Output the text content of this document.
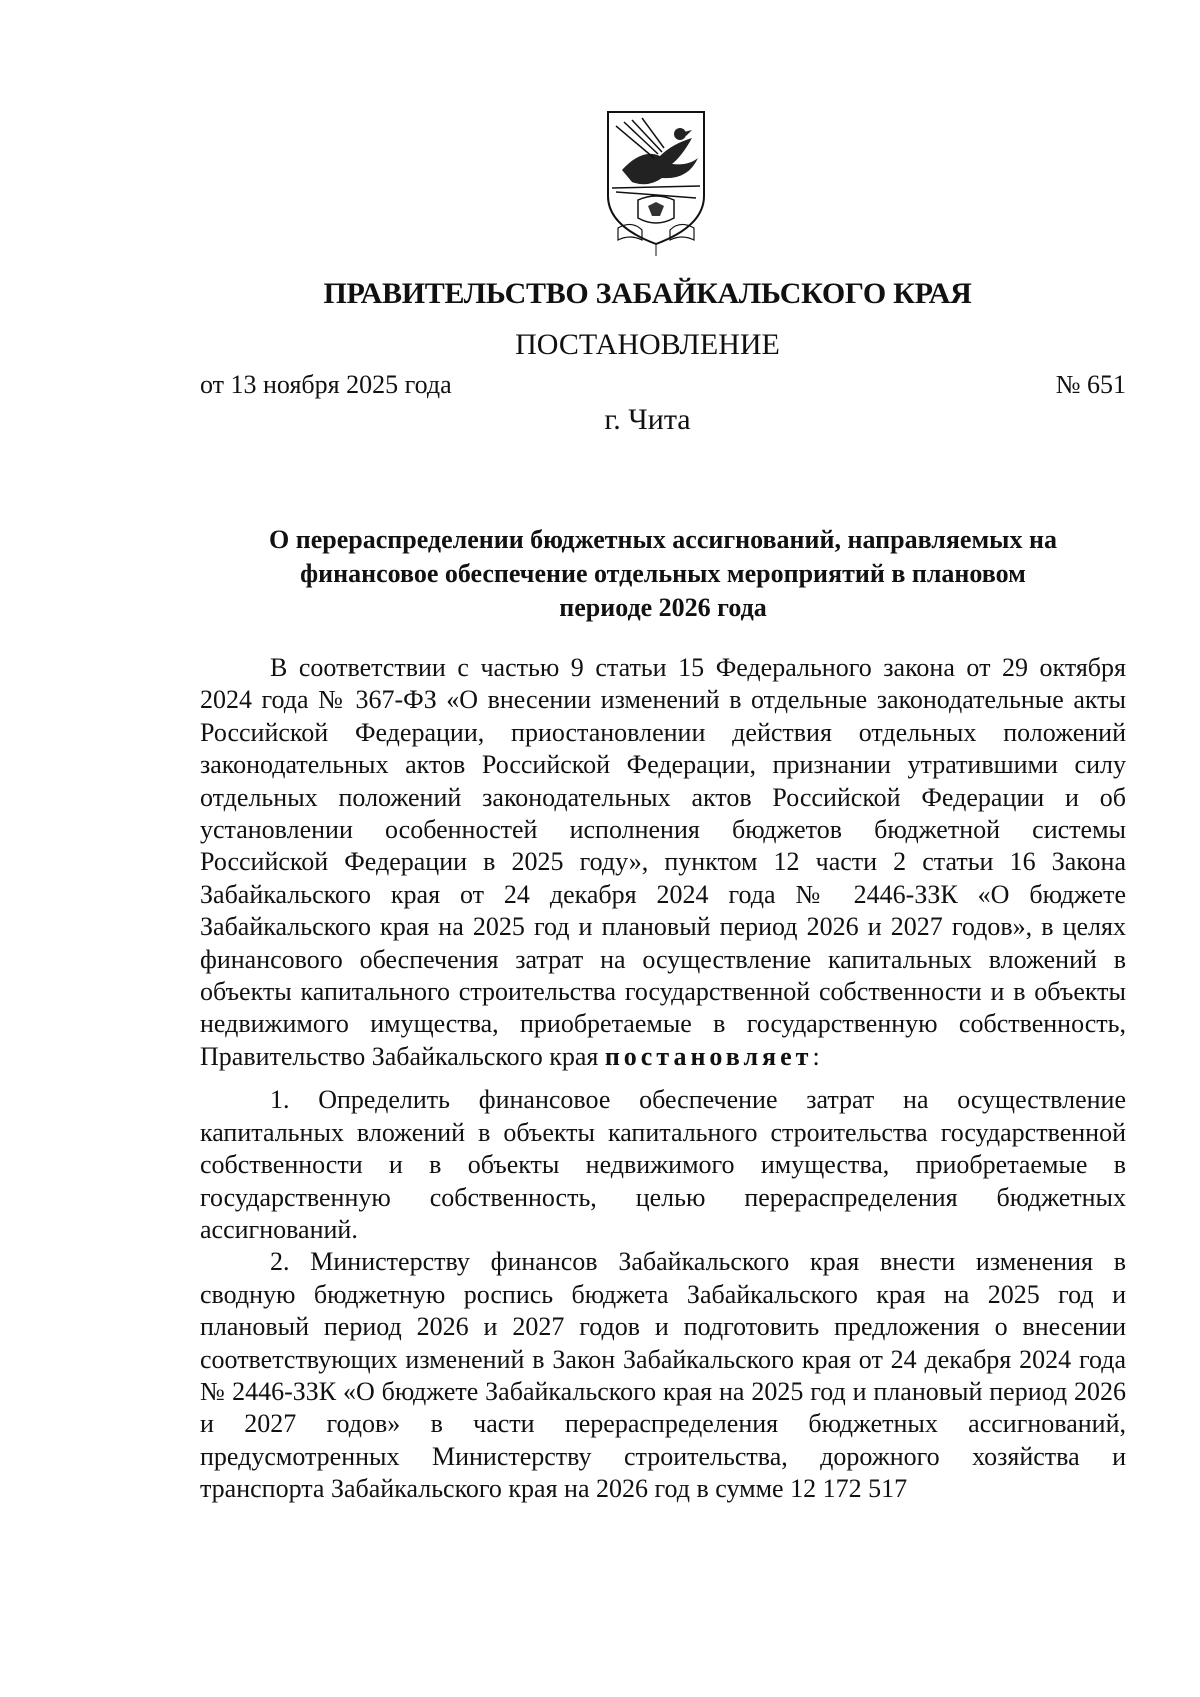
ПРАВИТЕЛЬСТВО ЗАБАЙКАЛЬСКОГО КРАЯ
ПОСТАНОВЛЕНИЕ
от 13 ноября 2025 года	№ 651
г. Чита
О перераспределении бюджетных ассигнований, направляемых на
финансовое обеспечение отдельных мероприятий в плановом
периоде 2026 года

В соответствии с частью 9 статьи 15 Федерального закона от 29 октября 2024 года № 367-ФЗ «О внесении изменений в отдельные законодательные акты Российской Федерации, приостановлении действия отдельных положений законодательных актов Российской Федерации, признании утратившими силу отдельных положений законодательных актов Российской Федерации и об установлении особенностей исполнения бюджетов бюджетной системы Российской Федерации в 2025 году», пунктом 12 части 2 статьи 16 Закона Забайкальского края от 24 декабря 2024 года № 2446-ЗЗК «О бюджете Забайкальского края на 2025 год и плановый период 2026 и 2027 годов», в целях финансового обеспечения затрат на осуществление капитальных вложений в объекты капитального строительства государственной собственности и в объекты недвижимого имущества, приобретаемые в государственную собственность, Правительство Забайкальского края постановляет:

1. Определить финансовое обеспечение затрат на осуществление капитальных вложений в объекты капитального строительства государственной собственности и в объекты недвижимого имущества, приобретаемые в государственную собственность, целью перераспределения бюджетных ассигнований.

2. Министерству финансов Забайкальского края внести изменения в сводную бюджетную роспись бюджета Забайкальского края на 2025 год и плановый период 2026 и 2027 годов и подготовить предложения о внесении соответствующих изменений в Закон Забайкальского края от 24 декабря 2024 года № 2446-ЗЗК «О бюджете Забайкальского края на 2025 год и плановый период 2026 и 2027 годов» в части перераспределения бюджетных ассигнований, предусмотренных Министерству строительства, дорожного хозяйства и транспорта Забайкальского края на 2026 год в сумме 12 172 517
